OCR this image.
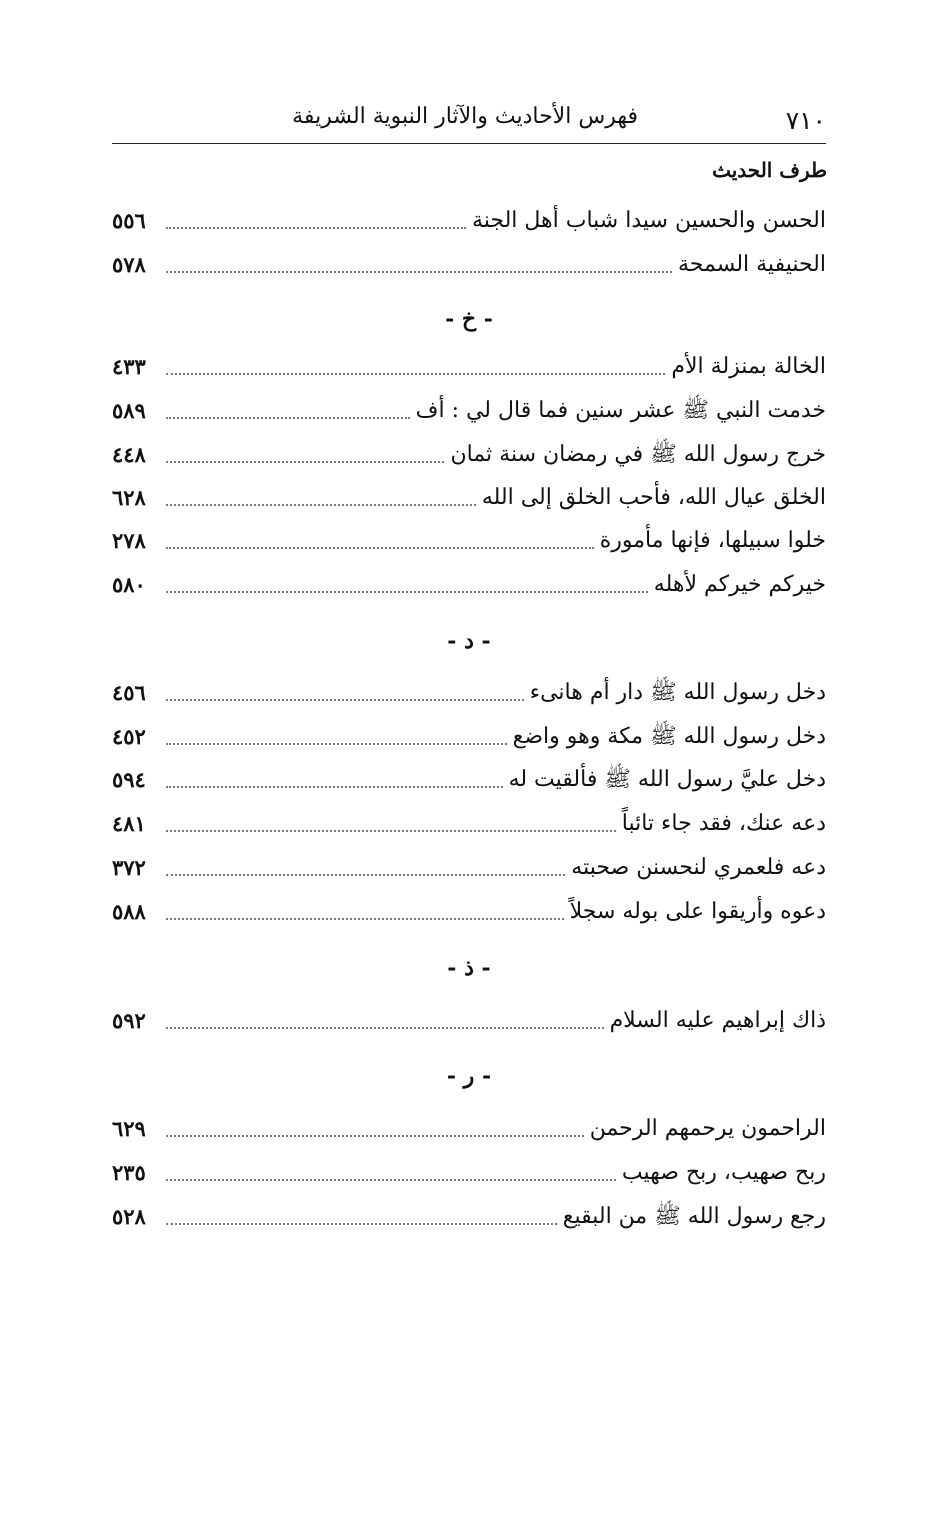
٧١٠
فهرس الأحاديث والآثار النبوية الشريفة
طرف الحديث
الحسن والحسين سيدا شباب أهل الجنة
٥٥٦
الحنيفية السمحة
٥٧٨
- خ -
الخالة بمنزلة الأم
٤٣٣
خدمت النبي ﷺ عشر سنين فما قال لي : أف
٥٨٩
خرج رسول الله ﷺ في رمضان سنة ثمان
٤٤٨
الخلق عيال الله، فأحب الخلق إلى الله
٦٢٨
خلوا سبيلها، فإنها مأمورة
٢٧٨
خيركم خيركم لأهله
٥٨٠
- د -
دخل رسول الله ﷺ دار أم هانىء
٤٥٦
دخل رسول الله ﷺ مكة وهو واضع
٤٥٢
دخل عليَّ رسول الله ﷺ فألقيت له
٥٩٤
دعه عنك، فقد جاء تائباً
٤٨١
دعه فلعمري لنحسنن صحبته
٣٧٢
دعوه وأريقوا على بوله سجلاً
٥٨٨
- ذ -
ذاك إبراهيم عليه السلام
٥٩٢
- ر -
الراحمون يرحمهم الرحمن
٦٢٩
ربح صهيب، ربح صهيب
٢٣٥
رجع رسول الله ﷺ من البقيع
٥٢٨
